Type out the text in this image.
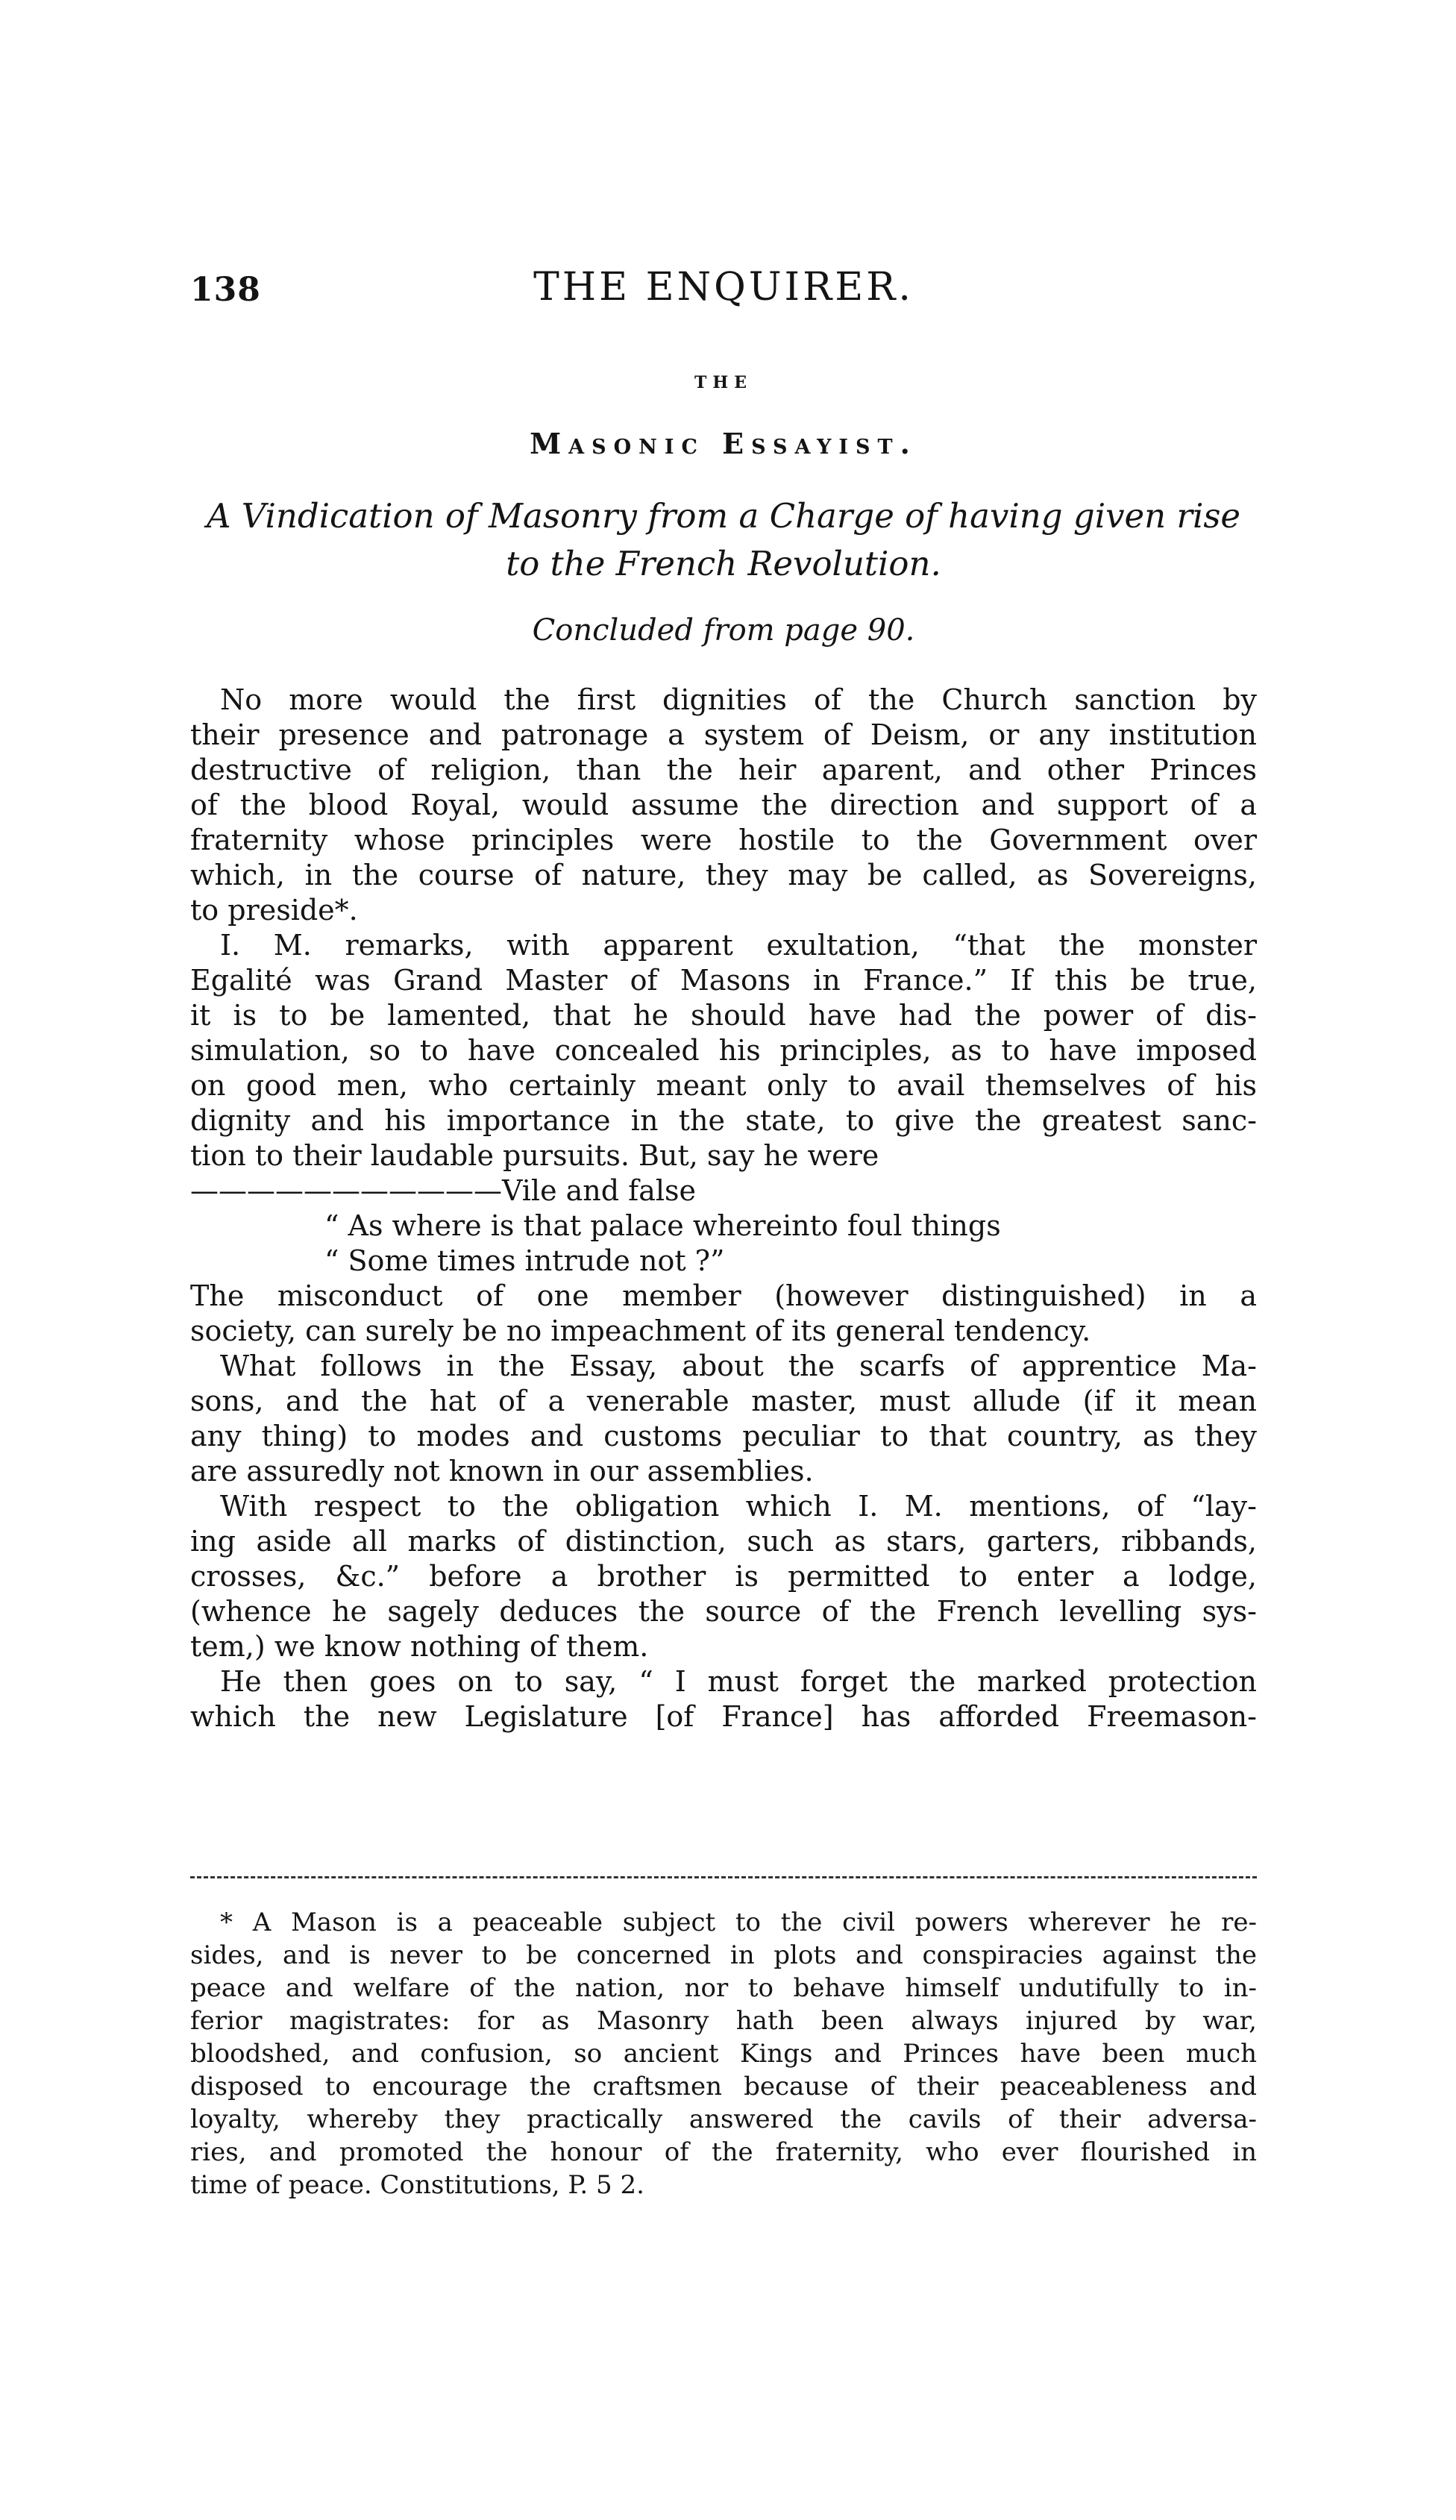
138	THE ENQUIRER.
THE
Masonic Essayist.
A Vindication of Masonry from a Charge of having given rise
to the French Revolution.
Concluded from page 90.
No more would the first dignities of the Church sanction by
their presence and patronage a system of Deism, or any institution
destructive of religion, than the heir aparent, and other Princes
of the blood Royal, would assume the direction and support of a
fraternity whose principles were hostile to the Government over
which, in the course of nature, they may be called, as Sovereigns,
to preside*.
I. M. remarks, with apparent exultation, “that the monster
Egalité was Grand Master of Masons in France.” If this be true,
it is to be lamented, that he should have had the power of dis-
simulation, so to have concealed his principles, as to have imposed
on good men, who certainly meant only to avail themselves of his
dignity and his importance in the state, to give the greatest sanc-
tion to their laudable pursuits. But, say he were
———————————Vile and false
“ As where is that palace whereinto foul things
“ Some times intrude not ?”
The misconduct of one member (however distinguished) in a
society, can surely be no impeachment of its general tendency.
What follows in the Essay, about the scarfs of apprentice Ma-
sons, and the hat of a venerable master, must allude (if it mean
any thing) to modes and customs peculiar to that country, as they
are assuredly not known in our assemblies.
With respect to the obligation which I. M. mentions, of “lay-
ing aside all marks of distinction, such as stars, garters, ribbands,
crosses, &c.” before a brother is permitted to enter a lodge,
(whence he sagely deduces the source of the French levelling sys-
tem,) we know nothing of them.
He then goes on to say, “ I must forget the marked protection
which the new Legislature [of France] has afforded Freemason-
* A Mason is a peaceable subject to the civil powers wherever he re-
sides, and is never to be concerned in plots and conspiracies against the
peace and welfare of the nation, nor to behave himself undutifully to in-
ferior magistrates: for as Masonry hath been always injured by war,
bloodshed, and confusion, so ancient Kings and Princes have been much
disposed to encourage the craftsmen because of their peaceableness and
loyalty, whereby they practically answered the cavils of their adversa-
ries, and promoted the honour of the fraternity, who ever flourished in
time of peace. Constitutions, P. 5 2.
